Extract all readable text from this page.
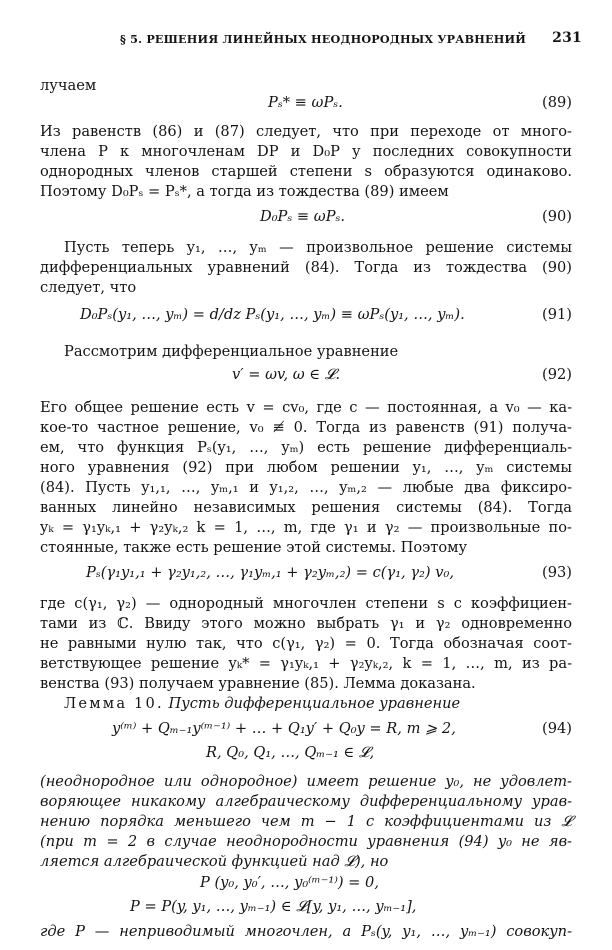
§ 5. РЕШЕНИЯ ЛИНЕЙНЫХ НЕОДНОРОДНЫХ УРАВНЕНИЙ 231
лучаем
Pₛ* ≡ ωPₛ.	(89)
Из равенств (86) и (87) следует, что при переходе от много-
члена P к многочленам DP и D₀P у последних совокупности
однородных членов старшей степени s образуются одинаково.
Поэтому D₀Pₛ = Pₛ*, а тогда из тождества (89) имеем
D₀Pₛ ≡ ωPₛ.	(90)
Пусть теперь y₁, …, yₘ — произвольное решение системы
дифференциальных уравнений (84). Тогда из тождества (90)
следует, что
D₀Pₛ(y₁, …, yₘ) = d/dz Pₛ(y₁, …, yₘ) ≡ ωPₛ(y₁, …, yₘ).	(91)
Рассмотрим дифференциальное уравнение
v′ = ωv, ω ∈ 𝓛.	(92)
Его общее решение есть v = cv₀, где c — постоянная, а v₀ — ка-
кое-то частное решение, v₀ ≢ 0. Тогда из равенств (91) получа-
ем, что функция Pₛ(y₁, …, yₘ) есть решение дифференциаль-
ного уравнения (92) при любом решении y₁, …, yₘ системы
(84). Пусть y₁,₁, …, yₘ,₁ и y₁,₂, …, yₘ,₂ — любые два фиксиро-
ванных линейно независимых решения системы (84). Тогда
yₖ = γ₁yₖ,₁ + γ₂yₖ,₂ k = 1, …, m, где γ₁ и γ₂ — произвольные по-
стоянные, также есть решение этой системы. Поэтому
Pₛ(γ₁y₁,₁ + γ₂y₁,₂, …, γ₁yₘ,₁ + γ₂yₘ,₂) = c(γ₁, γ₂) v₀,	(93)
где c(γ₁, γ₂) — однородный многочлен степени s с коэффициен-
тами из ℂ. Ввиду этого можно выбрать γ₁ и γ₂ одновременно
не равными нулю так, что c(γ₁, γ₂) = 0. Тогда обозначая соот-
ветствующее решение yₖ* = γ₁yₖ,₁ + γ₂yₖ,₂, k = 1, …, m, из ра-
венства (93) получаем уравнение (85). Лемма доказана.
Лемма 10. Пусть дифференциальное уравнение
y⁽ᵐ⁾ + Qₘ₋₁y⁽ᵐ⁻¹⁾ + … + Q₁y′ + Q₀y = R, m ⩾ 2,	(94)
R, Q₀, Q₁, …, Qₘ₋₁ ∈ 𝓛,
(неоднородное или однородное) имеет решение y₀, не удовлет-
воряющее никакому алгебраическому дифференциальному урав-
нению порядка меньшего чем m − 1 с коэффициентами из 𝓛
(при m = 2 в случае неоднородности уравнения (94) y₀ не яв-
ляется алгебраической функцией над 𝓛), но
P (y₀, y₀′, …, y₀⁽ᵐ⁻¹⁾) = 0,
P = P(y, y₁, …, yₘ₋₁) ∈ 𝓛[y, y₁, …, yₘ₋₁],
где P — неприводимый многочлен, а Pₛ(y, y₁, …, yₘ₋₁) совокуп-
